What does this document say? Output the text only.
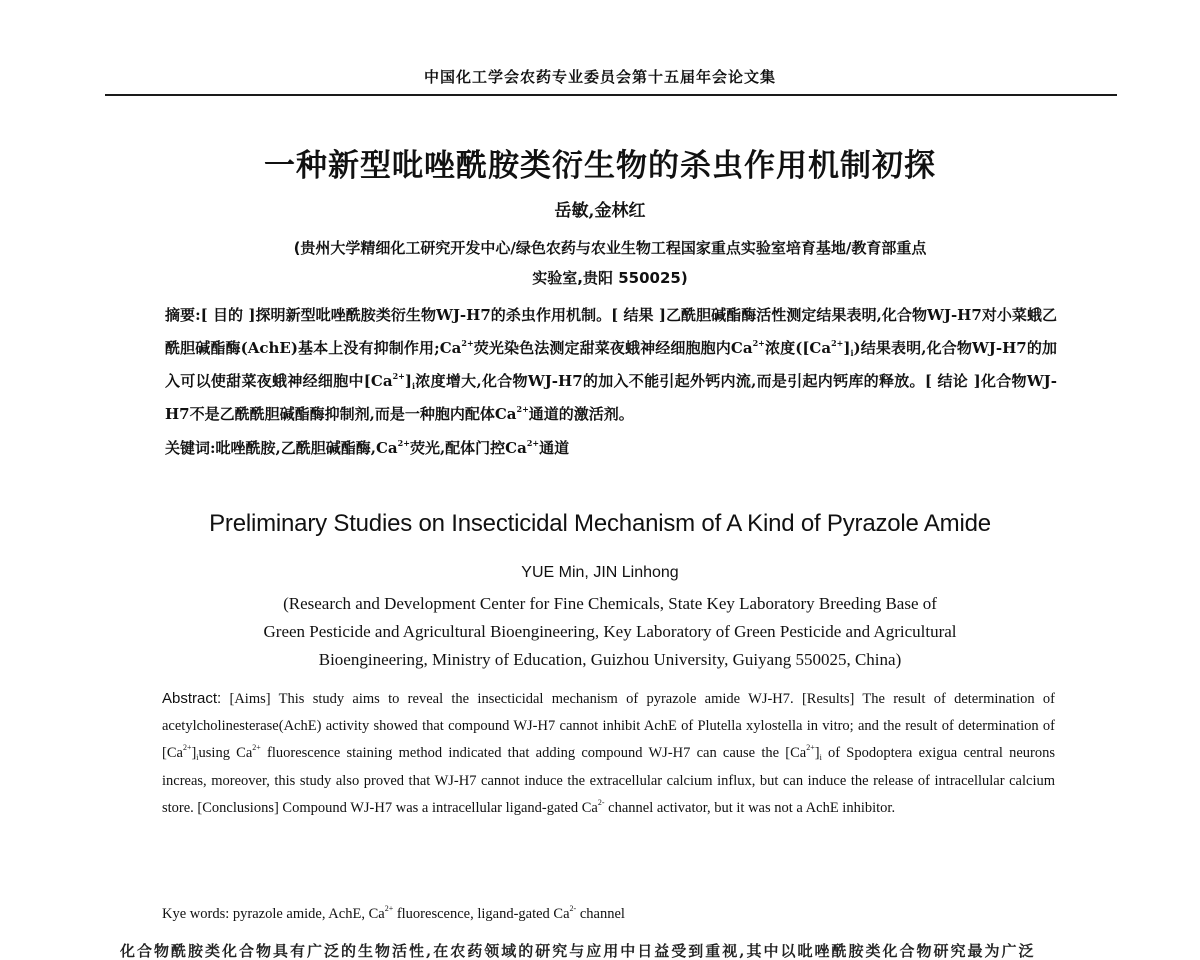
中国化工学会农药专业委员会第十五届年会论文集
一种新型吡唑酰胺类衍生物的杀虫作用机制初探
岳敏,金林红
(贵州大学精细化工研究开发中心/绿色农药与农业生物工程国家重点实验室培育基地/教育部重点
实验室,贵阳 550025)
摘要:[ 目的 ]探明新型吡唑酰胺类衍生物WJ-H7的杀虫作用机制。[ 结果 ]乙酰胆碱酯酶活性测定结果表明,化合物WJ-H7对小菜蛾乙酰胆碱酯酶(AchE)基本上没有抑制作用$;Ca^{2+}$荧光染色法测定甜菜夜蛾神经细胞胞内$Ca^{2+}$浓度$([Ca^{2+}]_i)$结果表明,化合物WJ-H7的加入可以使甜菜夜蛾神经细胞中$[Ca^{2+}]_i$浓度增大,化合物WJ-H7的加入不能引起外钙内流,而是引起内钙库的释放。[ 结论 ]化合物WJ-H7不是乙酰酰胆碱酯酶抑制剂,而是一种胞内配体$Ca^{2+}$通道的激活剂。
关键词:吡唑酰胺,乙酰胆碱酯酶$,Ca^{2+}$荧光,配体门控$Ca^{2+}$通道
Preliminary Studies on Insecticidal Mechanism of A Kind of Pyrazole Amide
YUE Min, JIN Linhong
(Research and Development Center for Fine Chemicals, State Key Laboratory Breeding Base of
Green Pesticide and Agricultural Bioengineering, Key Laboratory of Green Pesticide and Agricultural
Bioengineering, Ministry of Education, Guizhou University, Guiyang 550025, China)
Abstract: [Aims] This study aims to reveal the insecticidal mechanism of pyrazole amide WJ-H7. [Results] The result of determination of acetylcholinesterase(AchE) activity showed that compound WJ-H7 cannot inhibit AchE of Plutella xylostella in vitro; and the result of determination of $[Ca^{2+}]_iusing$ $Ca^{2+}$ fluorescence staining method indicated that adding compound WJ-H7 can cause the $[Ca^{2+}]_i$ of Spodoptera exigua central neurons increas, moreover, this study also proved that WJ-H7 cannot induce the extracellular calcium influx, but can induce the release of intracellular calcium store. [Conclusions] Compound WJ-H7 was a intracellular ligand-gated $Ca^{2-}$ channel activator, but it was not a AchE inhibitor.
Kye words: pyrazole amide, AchE, $Ca^{2+}$ fluorescence, ligand-gated $Ca^{2-}$ channel
化合物酰胺类化合物具有广泛的生物活性,在农药领域的研究与应用中日益受到重视,其中以吡唑酰胺类化合物研究最为广泛
